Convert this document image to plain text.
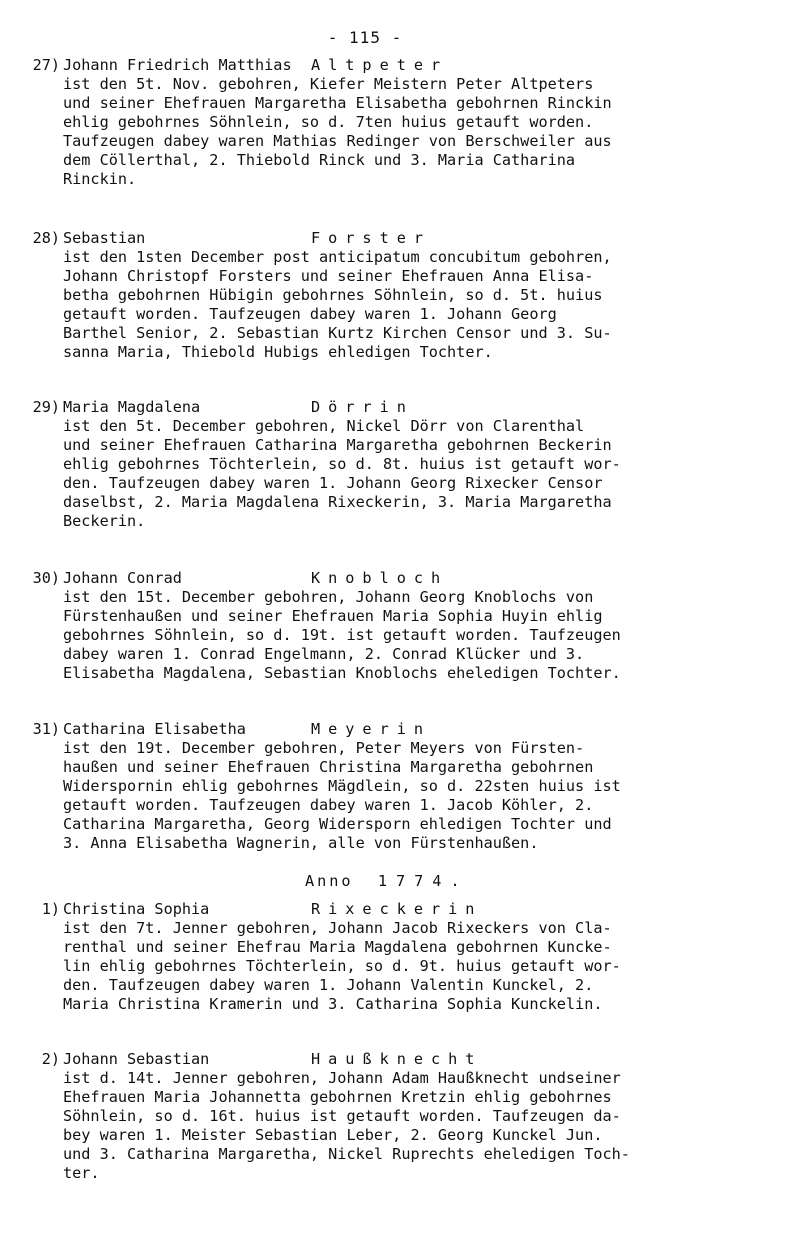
- 115 -
27) Johann Friedrich Matthias Altpeter
ist den 5t. Nov. gebohren, Kiefer Meistern Peter Altpeters
und seiner Ehefrauen Margaretha Elisabetha gebohrnen Rinckin
ehlig gebohrnes Söhnlein, so d. 7ten huius getauft worden.
Taufzeugen dabey waren Mathias Redinger von Berschweiler aus
dem Cöllerthal, 2. Thiebold Rinck und 3. Maria Catharina
Rinckin.
28) Sebastian	Forster
ist den 1sten December post anticipatum concubitum gebohren,
Johann Christopf Forsters und seiner Ehefrauen Anna Elisa-
betha gebohrnen Hübigin gebohrnes Söhnlein, so d. 5t. huius
getauft worden. Taufzeugen dabey waren 1. Johann Georg
Barthel Senior, 2. Sebastian Kurtz Kirchen Censor und 3. Su-
sanna Maria, Thiebold Hubigs ehledigen Tochter.
29) Maria Magdalena	Dörrin
ist den 5t. December gebohren, Nickel Dörr von Clarenthal
und seiner Ehefrauen Catharina Margaretha gebohrnen Beckerin
ehlig gebohrnes Töchterlein, so d. 8t. huius ist getauft wor-
den. Taufzeugen dabey waren 1. Johann Georg Rixecker Censor
daselbst, 2. Maria Magdalena Rixeckerin, 3. Maria Margaretha
Beckerin.
30) Johann Conrad	Knobloch
ist den 15t. December gebohren, Johann Georg Knoblochs von
Fürstenhaußen und seiner Ehefrauen Maria Sophia Huyin ehlig
gebohrnes Söhnlein, so d. 19t. ist getauft worden. Taufzeugen
dabey waren 1. Conrad Engelmann, 2. Conrad Klücker und 3.
Elisabetha Magdalena, Sebastian Knoblochs eheledigen Tochter.
31) Catharina Elisabetha	Meyerin
ist den 19t. December gebohren, Peter Meyers von Fürsten-
haußen und seiner Ehefrauen Christina Margaretha gebohrnen
Widerspornin ehlig gebohrnes Mägdlein, so d. 22sten huius ist
getauft worden. Taufzeugen dabey waren 1. Jacob Köhler, 2.
Catharina Margaretha, Georg Widersporn ehledigen Tochter und
3. Anna Elisabetha Wagnerin, alle von Fürstenhaußen.
Anno 1774.
1) Christina Sophia	Rixeckerin
ist den 7t. Jenner gebohren, Johann Jacob Rixeckers von Cla-
renthal und seiner Ehefrau Maria Magdalena gebohrnen Kuncke-
lin ehlig gebohrnes Töchterlein, so d. 9t. huius getauft wor-
den. Taufzeugen dabey waren 1. Johann Valentin Kunckel, 2.
Maria Christina Kramerin und 3. Catharina Sophia Kunckelin.
2) Johann Sebastian	Haußknecht
ist d. 14t. Jenner gebohren, Johann Adam Haußknecht undseiner
Ehefrauen Maria Johannetta gebohrnen Kretzin ehlig gebohrnes
Söhnlein, so d. 16t. huius ist getauft worden. Taufzeugen da-
bey waren 1. Meister Sebastian Leber, 2. Georg Kunckel Jun.
und 3. Catharina Margaretha, Nickel Ruprechts eheledigen Toch-
ter.
